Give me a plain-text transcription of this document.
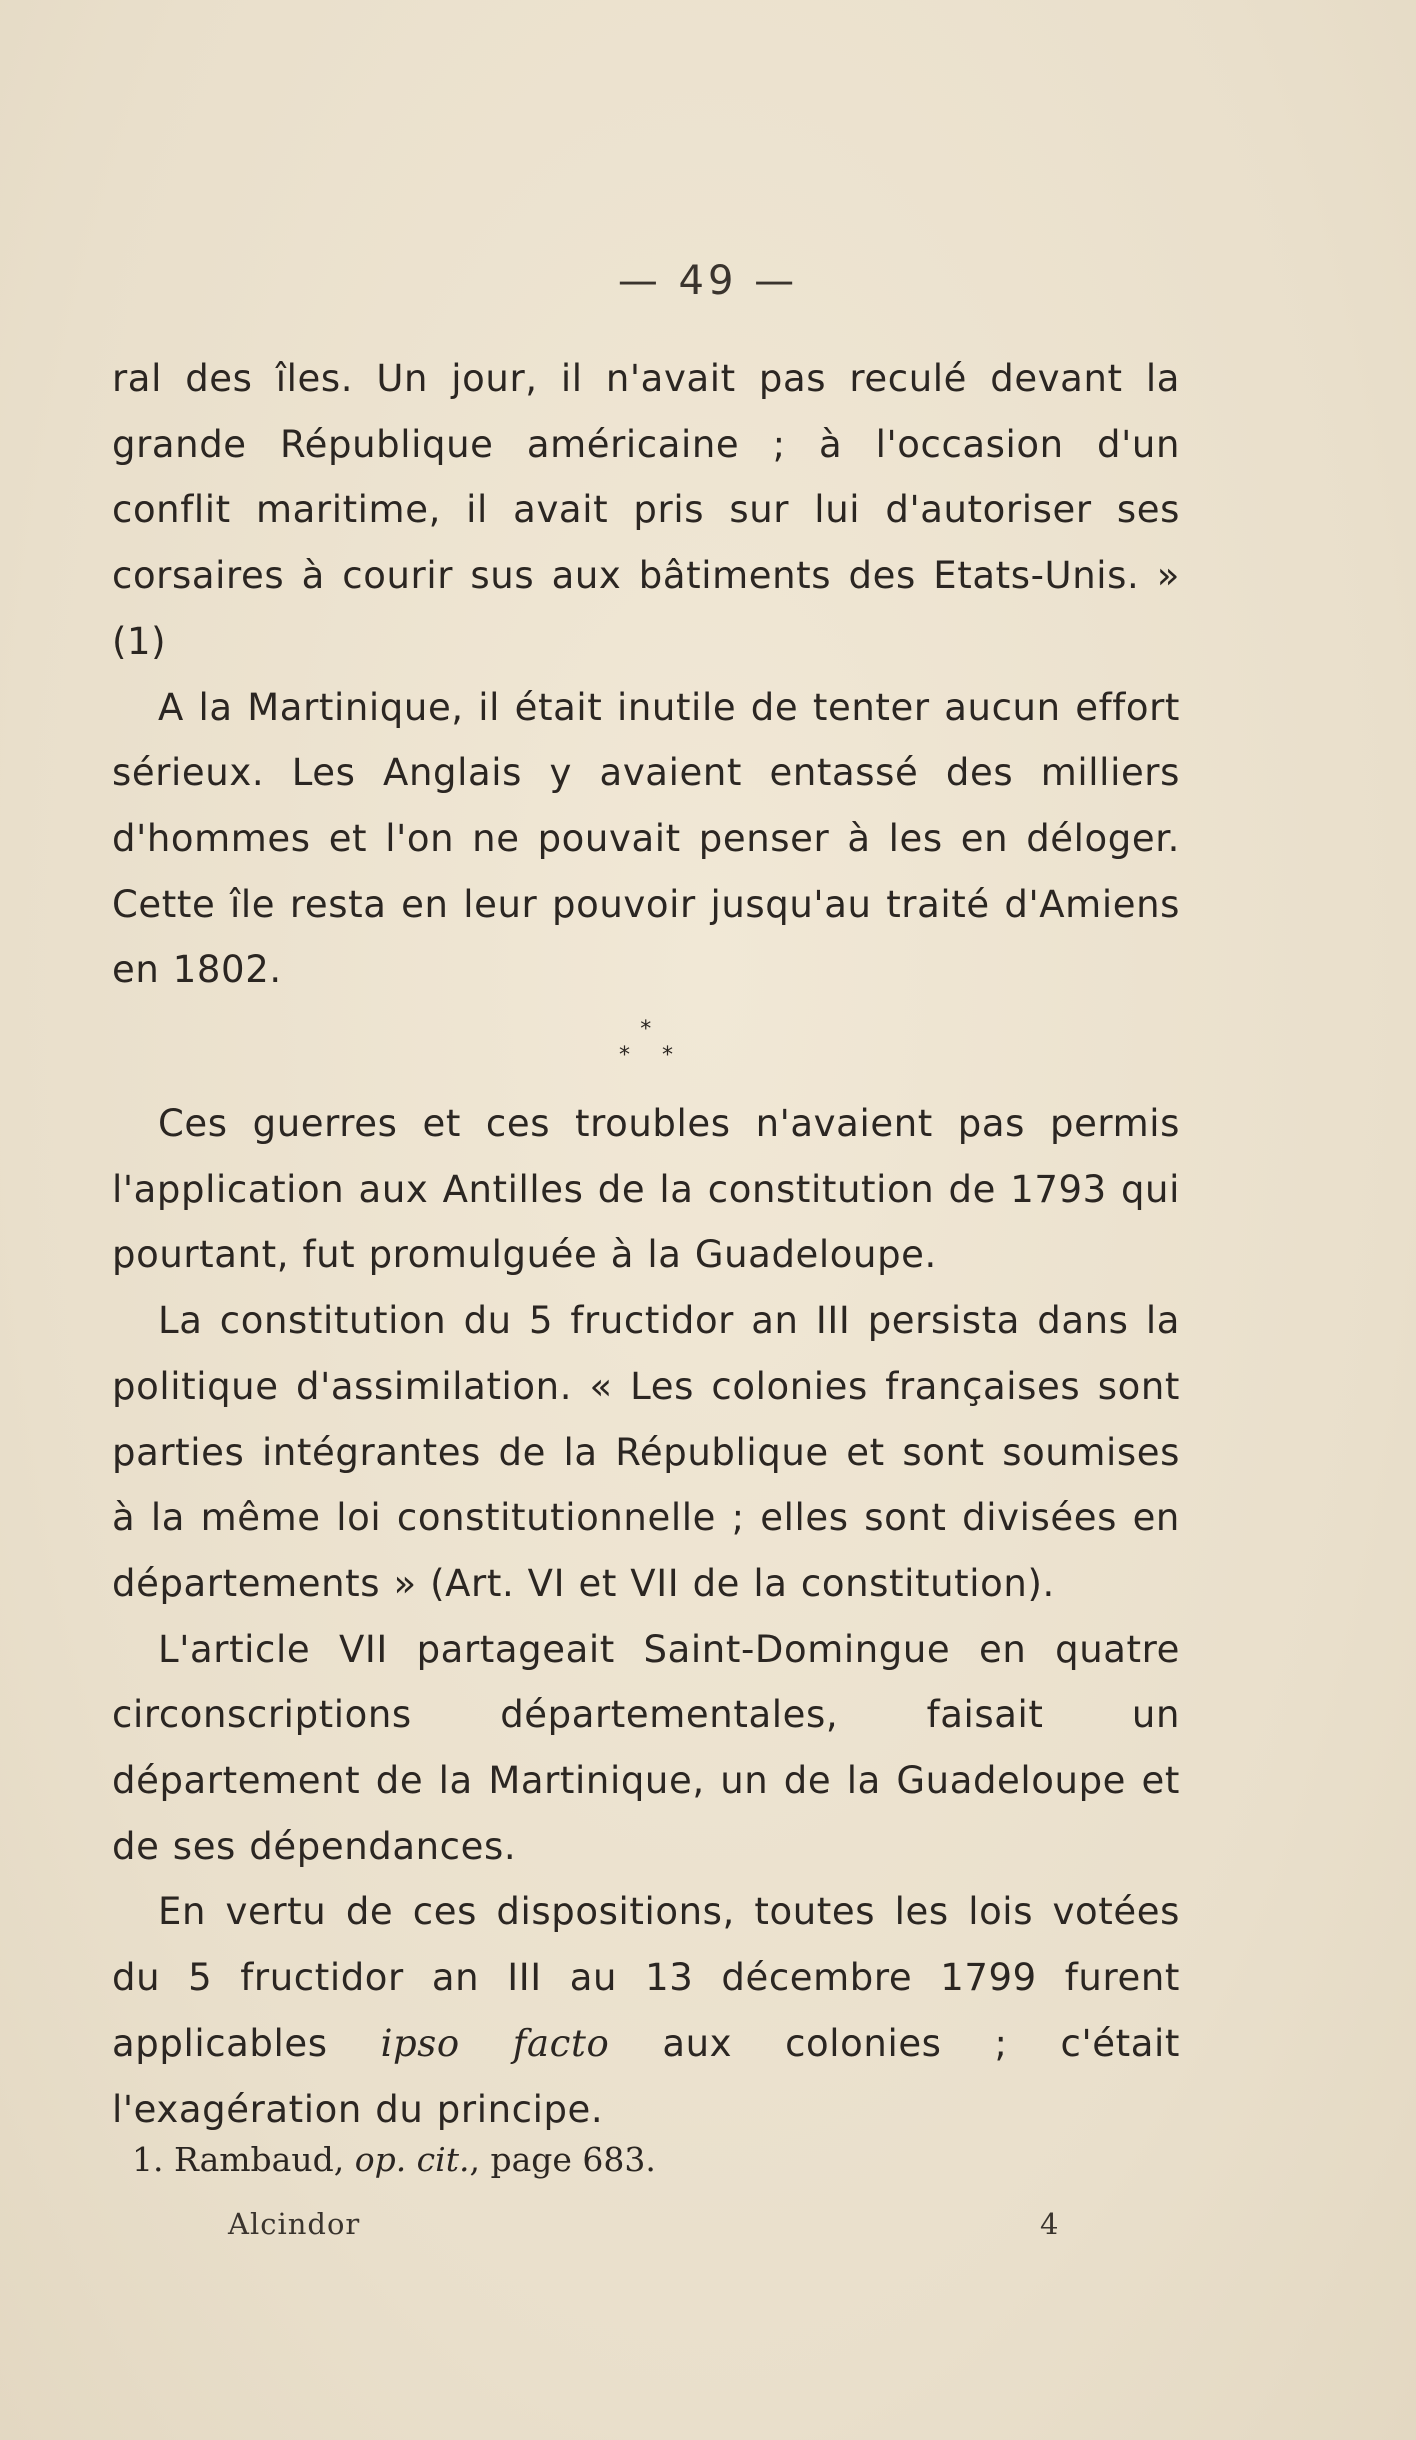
— 49 —

ral des îles. Un jour, il n'avait pas reculé devant la grande République américaine ; à l'occasion d'un conflit maritime, il avait pris sur lui d'autoriser ses corsaires à courir sus aux bâtiments des Etats-Unis. » (1)

A la Martinique, il était inutile de tenter aucun effort sérieux. Les Anglais y avaient entassé des milliers d'hommes et l'on ne pouvait penser à les en déloger. Cette île resta en leur pouvoir jusqu'au traité d'Amiens en 1802.

*
* *

Ces guerres et ces troubles n'avaient pas permis l'application aux Antilles de la constitution de 1793 qui pourtant, fut promulguée à la Guadeloupe.

La constitution du 5 fructidor an III persista dans la politique d'assimilation. « Les colonies françaises sont parties intégrantes de la République et sont soumises à la même loi constitutionnelle ; elles sont divisées en départements » (Art. VI et VII de la constitution).

L'article VII partageait Saint-Domingue en quatre circonscriptions départementales, faisait un département de la Martinique, un de la Guadeloupe et de ses dépendances.

En vertu de ces dispositions, toutes les lois votées du 5 fructidor an III au 13 décembre 1799 furent applicables ipso facto aux colonies ; c'était l'exagération du principe.

1. Rambaud, op. cit., page 683.
Alcindor	4
